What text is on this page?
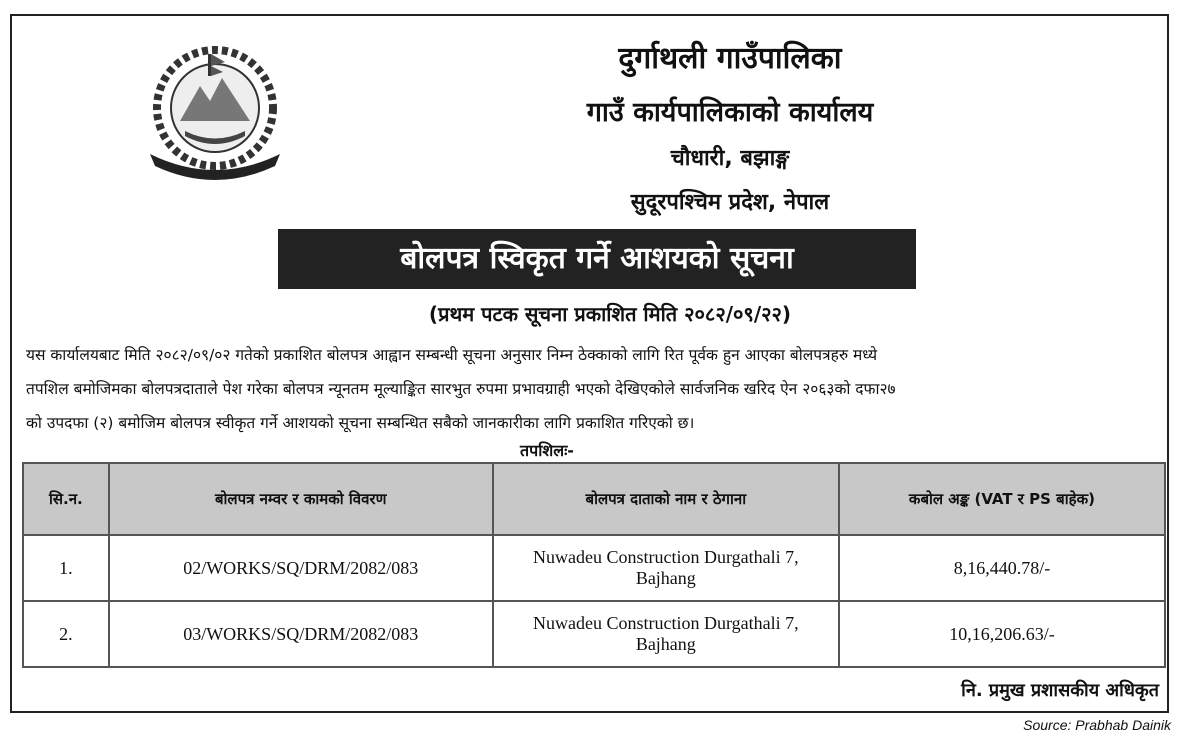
दुर्गाथली गाउँपालिका
गाउँ कार्यपालिकाको कार्यालय
चौधारी, बझाङ्ग
सुदूरपश्चिम प्रदेश, नेपाल
बोलपत्र स्विकृत गर्ने आशयको सूचना
(प्रथम पटक सूचना प्रकाशित मिति २०८२/०९/२२)
यस कार्यालयबाट मिति २०८२/०९/०२ गतेको प्रकाशित बोलपत्र आह्वान सम्बन्धी सूचना अनुसार निम्न ठेक्काको लागि रित पूर्वक हुन आएका बोलपत्रहरु मध्ये
तपशिल बमोजिमका बोलपत्रदाताले पेश गरेका बोलपत्र न्यूनतम मूल्याङ्कित सारभुत रुपमा प्रभावग्राही भएको देखिएकोले सार्वजनिक खरिद ऐन २०६३को दफा२७
को उपदफा (२) बमोजिम बोलपत्र स्वीकृत गर्ने आशयको सूचना सम्बन्धित सबैको जानकारीका लागि प्रकाशित गरिएको छ।
तपशिलः-
सि.न.	बोलपत्र नम्वर र कामको विवरण	बोलपत्र दाताको नाम र ठेगाना	कबोल अङ्क (VAT र PS बाहेक)
1.	02/WORKS/SQ/DRM/2082/083	Nuwadeu Construction Durgathali 7,
Bajhang	8,16,440.78/-
2.	03/WORKS/SQ/DRM/2082/083	Nuwadeu Construction Durgathali 7,
Bajhang	10,16,206.63/-
नि. प्रमुख प्रशासकीय अधिकृत
Source: Prabhab Dainik
